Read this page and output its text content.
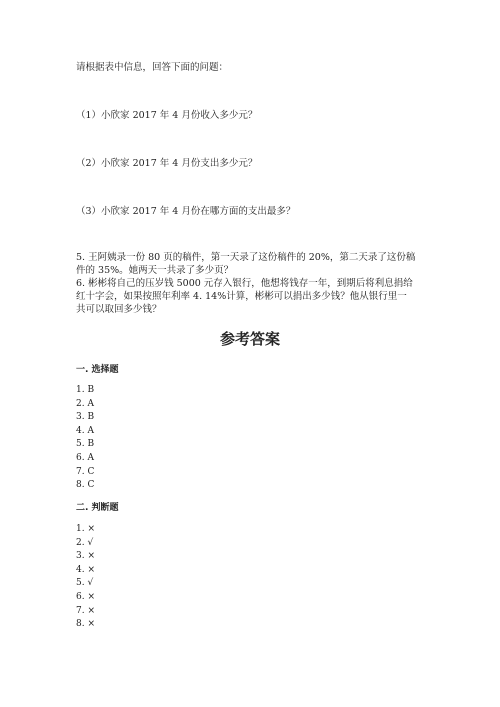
请根据表中信息，回答下面的问题：
（1）小欣家 2017 年 4 月份收入多少元？
（2）小欣家 2017 年 4 月份支出多少元？
（3）小欣家 2017 年 4 月份在哪方面的支出最多？
5. 王阿姨录一份 80 页的稿件，第一天录了这份稿件的 20%，第二天录了这份稿
件的 35%。她两天一共录了多少页？
6. 彬彬将自己的压岁钱 5000 元存入银行，他想将钱存一年，到期后将利息捐给
红十字会，如果按照年利率 4. 14%计算，彬彬可以捐出多少钱？他从银行里一
共可以取回多少钱？
参考答案
一. 选择题
1. B
2. A
3. B
4. A
5. B
6. A
7. C
8. C
二. 判断题
1. ×
2. √
3. ×
4. ×
5. √
6. ×
7. ×
8. ×
